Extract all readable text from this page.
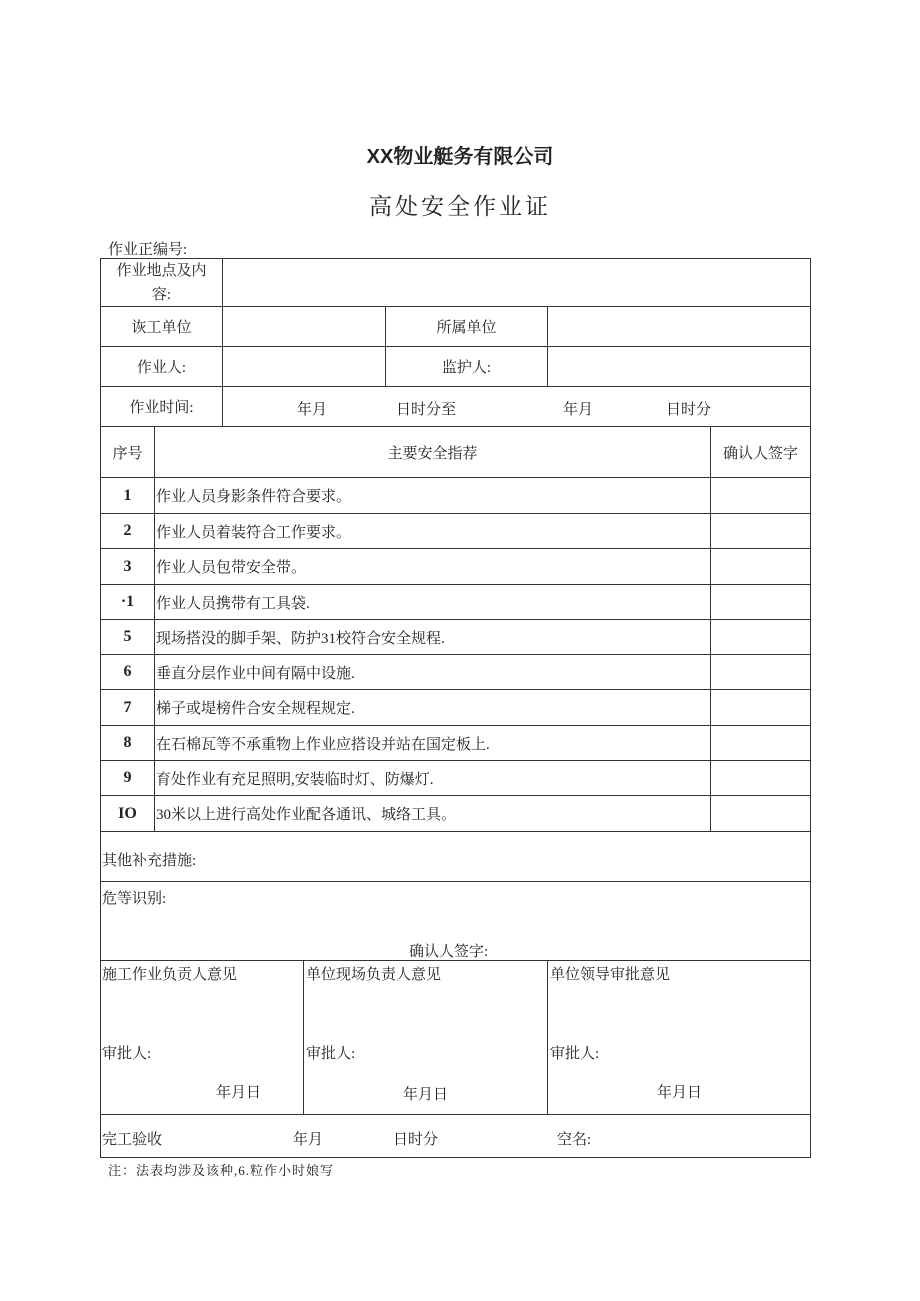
XX物业艇务有限公司
高处安全作业证
作业正编号:
作业地点及内容:
诙工单位	所属单位
作业人:	监护人:
作业时间:	年月	日时分至	年月	日时分
序号	主要安全指荐	确认人签字
1	作业人员身影条件符合要求。
2	作业人员着装符合工作要求。
3	作业人员包带安全带。
·1	作业人员携带有工具袋.
5	现场搭没的脚手架、防护31校符合安全规程.
6	垂直分层作业中间有隔中设施.
7	梯子或堤榜件合安全规程规定.
8	在石棉瓦等不承重物上作业应搭设并站在国定板上.
9	育处作业有充足照明,安装临时灯、防爆灯.
IO	30米以上进行高处作业配各通讯、城络工具。
其他补充措施:
危等识别:
确认人签字:
施工作业负贡人意见
审批人:
年月日
单位现场负责人意见
审批人:
年月日
单位领导审批意见
审批人:
年月日
完工验收	年月	日时分	空名:
注：法表均涉及该种,6.粒作小时娘写
